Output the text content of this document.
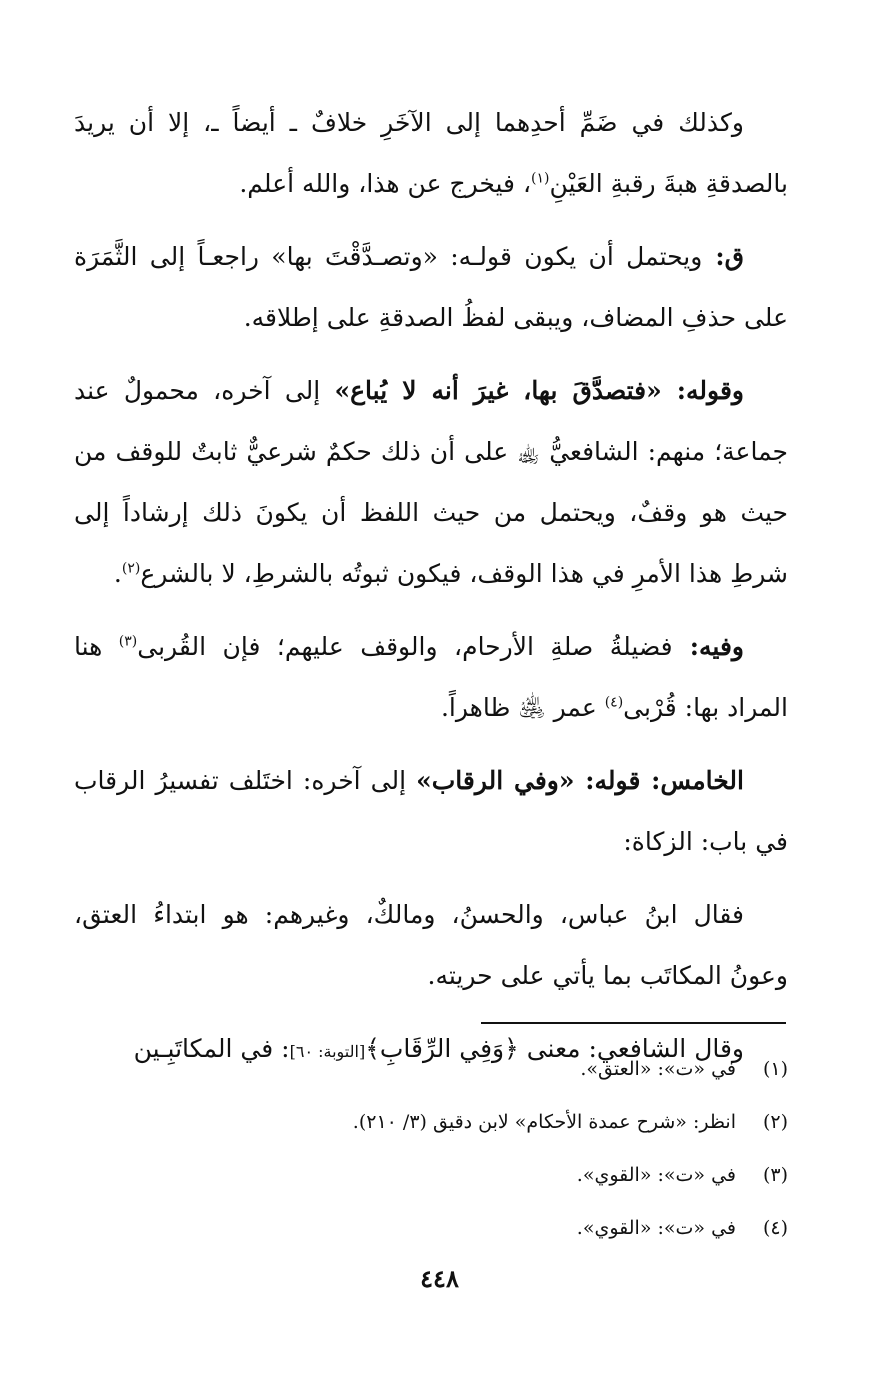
وكذلك في ضَمِّ أحدِهما إلى الآخَرِ خلافٌ ـ أيضاً ـ، إلا أن يريدَ بالصدقةِ هبةَ رقبةِ العَيْنِ$^{(١)}$، فيخرج عن هذا، والله أعلم.

ق: ويحتمل أن يكون قولـه: «وتصـدَّقْتَ بها» راجعـاً إلى الثَّمَرَة على حذفِ المضاف، ويبقى لفظُ الصدقةِ على إطلاقه.

وقوله: «فتصدَّقَ بها، غيرَ أنه لا يُباع» إلى آخره، محمولٌ عند جماعة؛ منهم: الشافعيُّ ﵀ على أن ذلك حكمٌ شرعيٌّ ثابتٌ للوقف من حيث هو وقفٌ، ويحتمل من حيث اللفظ أن يكونَ ذلك إرشاداً إلى شرطِ هذا الأمرِ في هذا الوقف، فيكون ثبوتُه بالشرطِ، لا بالشرع$^{(٢)}$.

وفيه: فضيلةُ صلةِ الأرحام، والوقف عليهم؛ فإن القُربى$^{(٣)}$ هنا المراد بها: قُرْبى$^{(٤)}$ عمر ﵁ ظاهراً.

الخامس: قوله: «وفي الرقاب» إلى آخره: اختَلف تفسيرُ الرقاب في باب: الزكاة:

فقال ابنُ عباس، والحسنُ، ومالكٌ، وغيرهم: هو ابتداءُ العتق، وعونُ المكاتَب بما يأتي على حريته.

وقال الشافعي: معنى ﴿وَفِي الرِّقَابِ﴾[التوبة: ٦٠]: في المكاتَبِـين

(١)في «ت»: «العتق».
(٢)انظر: «شرح عمدة الأحكام» لابن دقيق (٣/ ٢١٠).
(٣)في «ت»: «القوي».
(٤)في «ت»: «القوي».
٤٤٨
